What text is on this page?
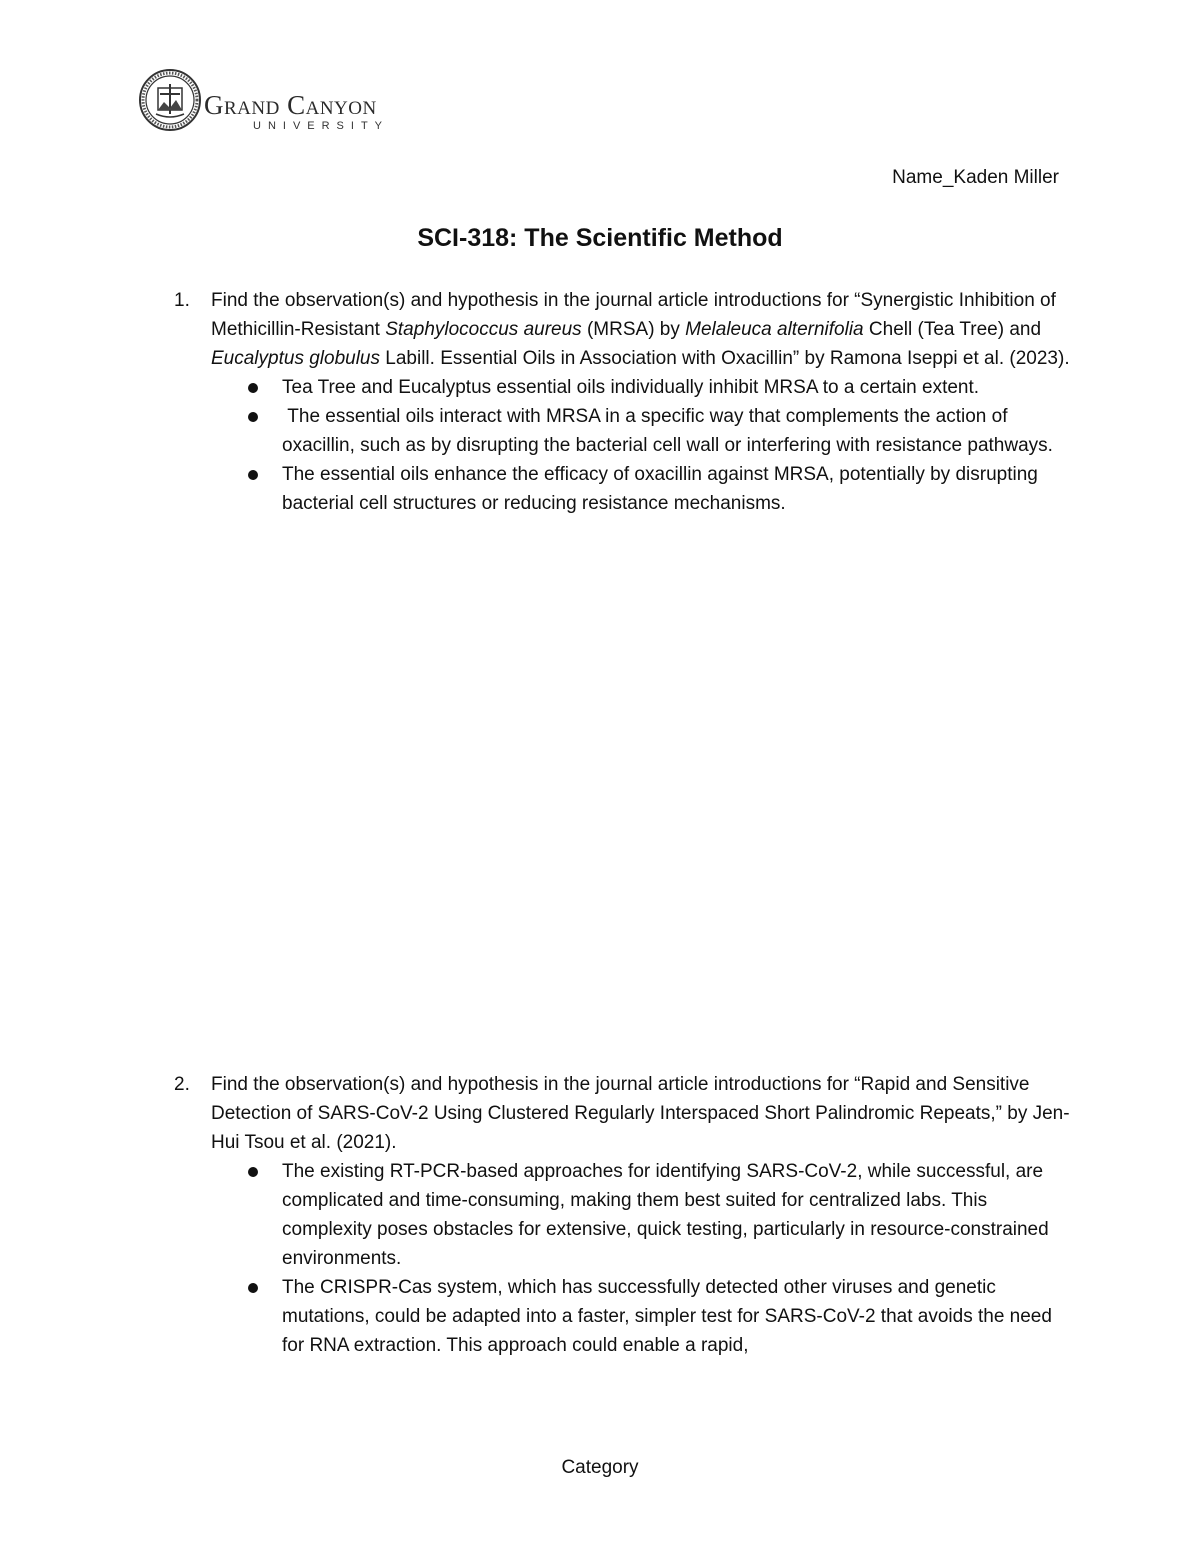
Grand Canyon
UNIVERSITY
Name_Kaden Miller
SCI-318: The Scientific Method
1. Find the observation(s) and hypothesis in the journal article introductions for “Synergistic Inhibition of Methicillin-Resistant Staphylococcus aureus (MRSA) by Melaleuca alternifolia Chell (Tea Tree) and Eucalyptus globulus Labill. Essential Oils in Association with Oxacillin” by Ramona Iseppi et al. (2023).
Tea Tree and Eucalyptus essential oils individually inhibit MRSA to a certain extent.
The essential oils interact with MRSA in a specific way that complements the action of oxacillin, such as by disrupting the bacterial cell wall or interfering with resistance pathways.
The essential oils enhance the efficacy of oxacillin against MRSA, potentially by disrupting bacterial cell structures or reducing resistance mechanisms.
2. Find the observation(s) and hypothesis in the journal article introductions for “Rapid and Sensitive Detection of SARS-CoV-2 Using Clustered Regularly Interspaced Short Palindromic Repeats,” by Jen-Hui Tsou et al. (2021).
The existing RT-PCR-based approaches for identifying SARS-CoV-2, while successful, are complicated and time-consuming, making them best suited for centralized labs. This complexity poses obstacles for extensive, quick testing, particularly in resource-constrained environments.
The CRISPR-Cas system, which has successfully detected other viruses and genetic mutations, could be adapted into a faster, simpler test for SARS-CoV-2 that avoids the need for RNA extraction. This approach could enable a rapid,
Category
